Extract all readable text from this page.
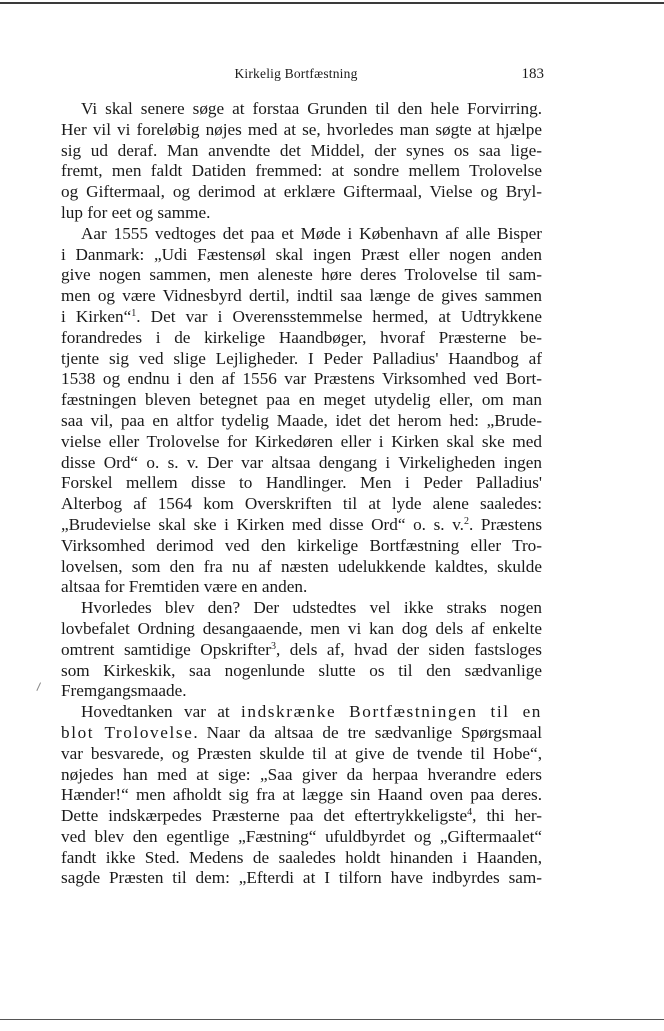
Kirkelig Bortfæstning	183
Vi skal senere søge at forstaa Grunden til den hele Forvirring.
Her vil vi foreløbig nøjes med at se, hvorledes man søgte at hjælpe
sig ud deraf. Man anvendte det Middel, der synes os saa lige-
fremt, men faldt Datiden fremmed: at sondre mellem Trolovelse
og Giftermaal, og derimod at erklære Giftermaal, Vielse og Bryl-
lup for eet og samme.
Aar 1555 vedtoges det paa et Møde i København af alle Bisper
i Danmark: „Udi Fæstensøl skal ingen Præst eller nogen anden
give nogen sammen, men aleneste høre deres Trolovelse til sam-
men og være Vidnesbyrd dertil, indtil saa længe de gives sammen
i Kirken“$^1$. Det var i Overensstemmelse hermed, at Udtrykkene
forandredes i de kirkelige Haandbøger, hvoraf Præsterne be-
tjente sig ved slige Lejligheder. I Peder Palladius' Haandbog af
1538 og endnu i den af 1556 var Præstens Virksomhed ved Bort-
fæstningen bleven betegnet paa en meget utydelig eller, om man
saa vil, paa en altfor tydelig Maade, idet det herom hed: „Brude-
vielse eller Trolovelse for Kirkedøren eller i Kirken skal ske med
disse Ord“ o. s. v. Der var altsaa dengang i Virkeligheden ingen
Forskel mellem disse to Handlinger. Men i Peder Palladius'
Alterbog af 1564 kom Overskriften til at lyde alene saaledes:
„Brudevielse skal ske i Kirken med disse Ord“ o. s. v.$^2$. Præstens
Virksomhed derimod ved den kirkelige Bortfæstning eller Tro-
lovelsen, som den fra nu af næsten udelukkende kaldtes, skulde
altsaa for Fremtiden være en anden.
Hvorledes blev den? Der udstedtes vel ikke straks nogen
lovbefalet Ordning desangaaende, men vi kan dog dels af enkelte
omtrent samtidige Opskrifter$^3$, dels af, hvad der siden fastsloges
som Kirkeskik, saa nogenlunde slutte os til den sædvanlige
Fremgangsmaade.
Hovedtanken var at indskrænke Bortfæstningen til en
blot Trolovelse. Naar da altsaa de tre sædvanlige Spørgsmaal
var besvarede, og Præsten skulde til at give de tvende til Hobe“,
nøjedes han med at sige: „Saa giver da herpaa hverandre eders
Hænder!“ men afholdt sig fra at lægge sin Haand oven paa deres.
Dette indskærpedes Præsterne paa det eftertrykkeligste$^4$, thi her-
ved blev den egentlige „Fæstning“ ufuldbyrdet og „Giftermaalet“
fandt ikke Sted. Medens de saaledes holdt hinanden i Haanden,
sagde Præsten til dem: „Efterdi at I tilforn have indbyrdes sam-
